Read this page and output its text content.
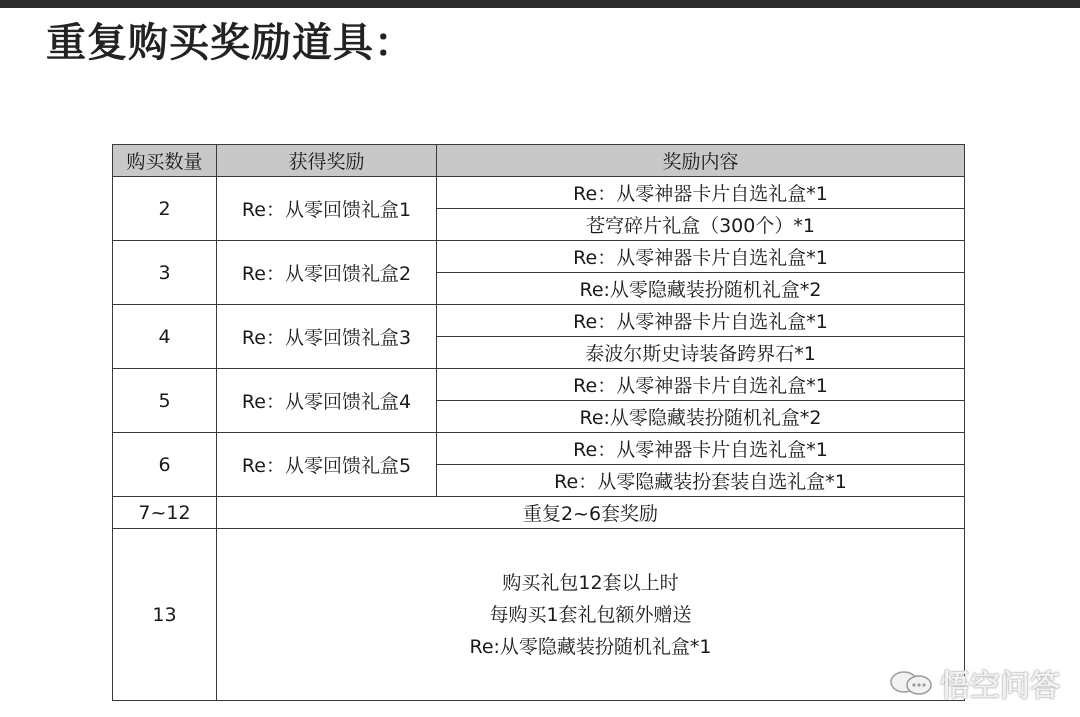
重复购买奖励道具：
购买数量	获得奖励	奖励内容
2	Re：从零回馈礼盒1	Re：从零神器卡片自选礼盒*1
		苍穹碎片礼盒（300个）*1
3	Re：从零回馈礼盒2	Re：从零神器卡片自选礼盒*1
		Re:从零隐藏装扮随机礼盒*2
4	Re：从零回馈礼盒3	Re：从零神器卡片自选礼盒*1
		泰波尔斯史诗装备跨界石*1
5	Re：从零回馈礼盒4	Re：从零神器卡片自选礼盒*1
		Re:从零隐藏装扮随机礼盒*2
6	Re：从零回馈礼盒5	Re：从零神器卡片自选礼盒*1
		Re：从零隐藏装扮套装自选礼盒*1
7~12	重复2~6套奖励	
13	购买礼包12套以上时
每购买1套礼包额外赠送
Re:从零隐藏装扮随机礼盒*1	
悟空问答
